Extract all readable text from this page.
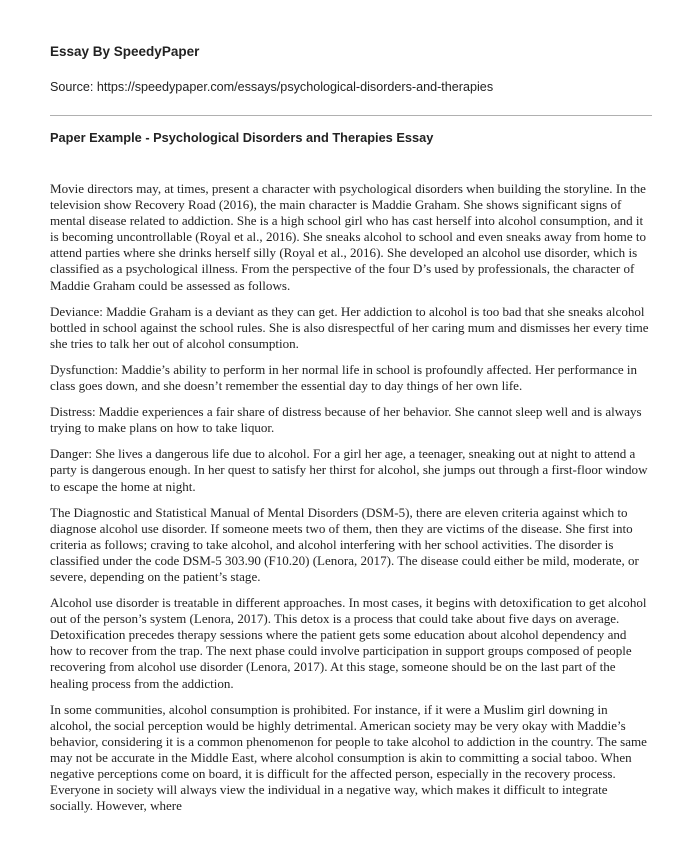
Essay By SpeedyPaper

Source: https://speedypaper.com/essays/psychological-disorders-and-therapies

Paper Example - Psychological Disorders and Therapies Essay

Movie directors may, at times, present a character with psychological disorders when building the storyline. In the television show Recovery Road (2016), the main character is Maddie Graham. She shows significant signs of mental disease related to addiction. She is a high school girl who has cast herself into alcohol consumption, and it is becoming uncontrollable (Royal et al., 2016). She sneaks alcohol to school and even sneaks away from home to attend parties where she drinks herself silly (Royal et al., 2016). She developed an alcohol use disorder, which is classified as a psychological illness. From the perspective of the four D’s used by professionals, the character of Maddie Graham could be assessed as follows.

Deviance: Maddie Graham is a deviant as they can get. Her addiction to alcohol is too bad that she sneaks alcohol bottled in school against the school rules. She is also disrespectful of her caring mum and dismisses her every time she tries to talk her out of alcohol consumption.

Dysfunction: Maddie’s ability to perform in her normal life in school is profoundly affected. Her performance in class goes down, and she doesn’t remember the essential day to day things of her own life.

Distress: Maddie experiences a fair share of distress because of her behavior. She cannot sleep well and is always trying to make plans on how to take liquor.

Danger: She lives a dangerous life due to alcohol. For a girl her age, a teenager, sneaking out at night to attend a party is dangerous enough. In her quest to satisfy her thirst for alcohol, she jumps out through a first-floor window to escape the home at night.

The Diagnostic and Statistical Manual of Mental Disorders (DSM-5), there are eleven criteria against which to diagnose alcohol use disorder. If someone meets two of them, then they are victims of the disease. She first into criteria as follows; craving to take alcohol, and alcohol interfering with her school activities. The disorder is classified under the code DSM-5 303.90 (F10.20) (Lenora, 2017). The disease could either be mild, moderate, or severe, depending on the patient’s stage.

Alcohol use disorder is treatable in different approaches. In most cases, it begins with detoxification to get alcohol out of the person’s system (Lenora, 2017). This detox is a process that could take about five days on average. Detoxification precedes therapy sessions where the patient gets some education about alcohol dependency and how to recover from the trap. The next phase could involve participation in support groups composed of people recovering from alcohol use disorder (Lenora, 2017). At this stage, someone should be on the last part of the healing process from the addiction.

In some communities, alcohol consumption is prohibited. For instance, if it were a Muslim girl downing in alcohol, the social perception would be highly detrimental. American society may be very okay with Maddie’s behavior, considering it is a common phenomenon for people to take alcohol to addiction in the country. The same may not be accurate in the Middle East, where alcohol consumption is akin to committing a social taboo. When negative perceptions come on board, it is difficult for the affected person, especially in the recovery process. Everyone in society will always view the individual in a negative way, which makes it difficult to integrate socially. However, where
